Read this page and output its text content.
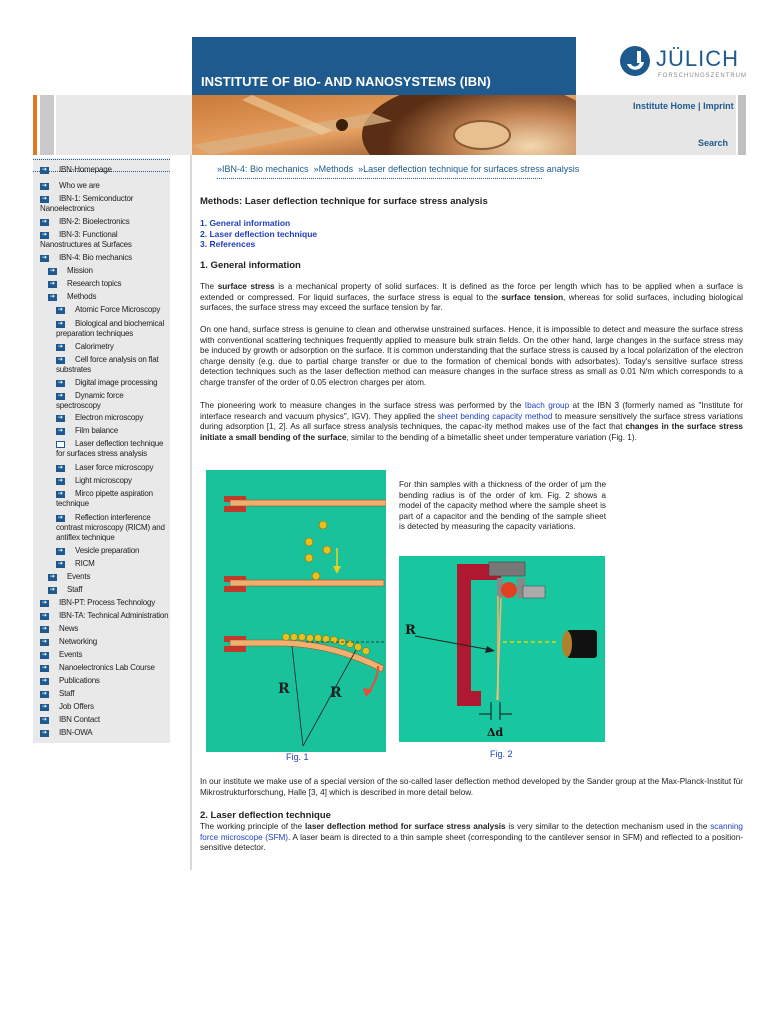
INSTITUTE OF BIO- AND NANOSYSTEMS (IBN)
Institute Home | Imprint
Search
JÜLICH
FORSCHUNGSZENTRUM
➔ IBN-Homepage
➔ Who we are
➔ IBN-1: Semiconductor Nanoelectronics
➔ IBN-2: Bioelectronics
➔ IBN-3: Functional Nanostructures at Surfaces
➔ IBN-4: Bio mechanics
➔ Mission
➔ Research topics
➔ Methods
➔ Atomic Force Microscopy
➔ Biological and biochemical preparation techniques
➔ Calorimetry
➔ Cell force analysis on flat substrates
➔ Digital image processing
➔ Dynamic force spectroscopy
➔ Electron microscopy
➔ Film balance
Laser deflection technique for surfaces stress analysis
➔ Laser force microscopy
➔ Light microscopy
➔ Mirco pipette aspiration technique
➔ Reflection interference contrast microscopy (RICM) and antiflex technique
➔ Vesicle preparation
➔ RICM
➔ Events
➔ Staff
➔ IBN-PT: Process Technology
➔ IBN-TA: Technical Administration
➔ News
➔ Networking
➔ Events
➔ Nanoelectronics Lab Course
➔ Publications
➔ Staff
➔ Job Offers
➔ IBN Contact
➔ IBN-OWA
»IBN-4: Bio mechanics »Methods »Laser deflection technique for surfaces stress analysis
Methods: Laser deflection technique for surface stress analysis
1. General information
2. Laser deflection technique
3. References
1. General information
The surface stress is a mechanical property of solid surfaces. It is defined as the force per length which has to be applied when a surface is extended or compressed. For liquid surfaces, the surface stress is equal to the surface tension, whereas for solid surfaces, including biological surfaces, the surface stress may exceed the surface tension by far.
On one hand, surface stress is genuine to clean and otherwise unstrained surfaces. Hence, it is impossible to detect and measure the surface stress with conventional scattering techniques frequently applied to measure bulk strain fields. On the other hand, large changes in the surface stress may be induced by growth or adsorption on the surface. It is common understanding that the surface stress is caused by a local polarization of the electron charge density (e.g. due to partial charge transfer or due to the formation of chemical bonds with adsorbates). Today's sensitive surface stress detection techniques such as the laser deflection method can measure changes in the surface stress as small as 0.01 N/m which corresponds to a charge transfer of the order of 0.05 electron charges per atom.
The pioneering work to measure changes in the surface stress was performed by the Ibach group at the IBN 3 (formerly named as "Institute for interface research and vacuum physics", IGV). They applied the sheet bending capacity method to measure sensitively the surface stress variations during adsorption [1, 2]. As all surface stress analysis techniques, the capac-ity method makes use of the fact that changes in the surface stress initiate a small bending of the surface, similar to the bending of a bimetallic sheet under temperature variation (Fig. 1).
R	R
Fig. 1
For thin samples with a thickness of the order of µm the bending radius is of the order of km. Fig. 2 shows a model of the capacity method where the sample sheet is part of a capacitor and the bending of the sample sheet is detected by measuring the capacity variations.
R
Δd
Fig. 2
In our institute we make use of a special version of the so-called laser deflection method developed by the Sander group at the Max-Planck-Institut für Mikrostrukturforschung, Halle [3, 4] which is described in more detail below.
2. Laser deflection technique
The working principle of the laser deflection method for surface stress analysis is very similar to the detection mechanism used in the scanning force microscope (SFM). A laser beam is directed to a thin sample sheet (corresponding to the cantilever sensor in SFM) and reflected to a position-sensitive detector.
